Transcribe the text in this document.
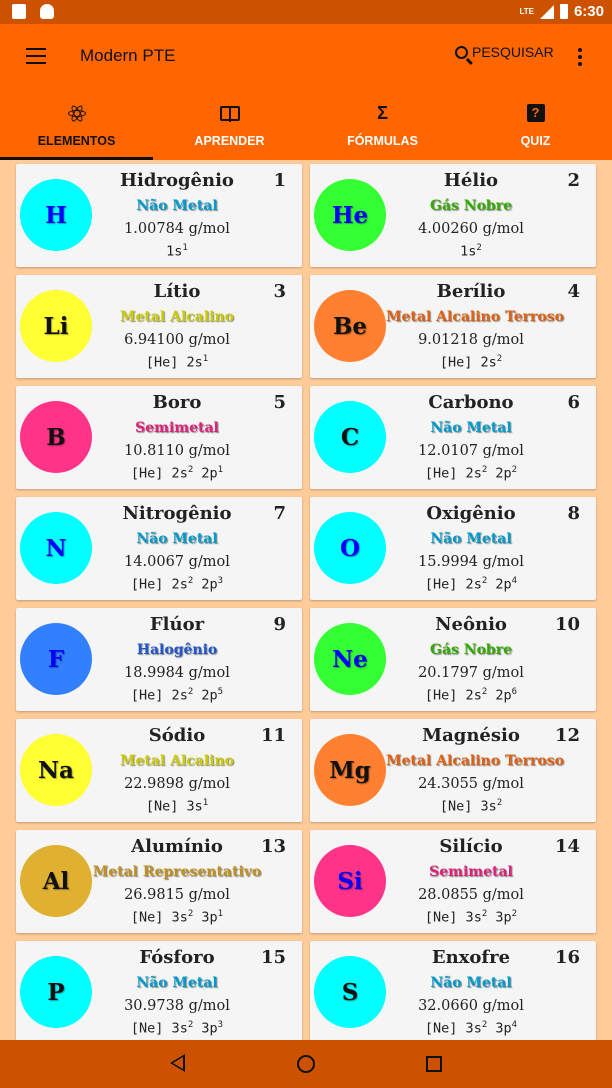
LTE	6:30
Modern PTE	PESQUISAR
ELEMENTOS	APRENDER
Σ
FÓRMULAS
?
QUIZ
H
Hidrogênio	1
Não Metal
1.00784 g/mol
$1s^1$
He
Hélio	2
Gás Nobre
4.00260 g/mol
$1s^2$
Li
Lítio	3
Metal Alcalino
6.94100 g/mol
[He] $2s^1$
Be
Berílio	4
Metal Alcalino Terroso
9.01218 g/mol
[He] $2s^2$
B
Boro	5
Semimetal
10.8110 g/mol
[He] $2s^2$ $2p^1$
C
Carbono	6
Não Metal
12.0107 g/mol
[He] $2s^2$ $2p^2$
N
Nitrogênio	7
Não Metal
14.0067 g/mol
[He] $2s^2$ $2p^3$
O
Oxigênio	8
Não Metal
15.9994 g/mol
[He] $2s^2$ $2p^4$
F
Flúor	9
Halogênio
18.9984 g/mol
[He] $2s^2$ $2p^5$
Ne
Neônio	10
Gás Nobre
20.1797 g/mol
[He] $2s^2$ $2p^6$
Na
Sódio	11
Metal Alcalino
22.9898 g/mol
[Ne] $3s^1$
Mg
Magnésio	12
Metal Alcalino Terroso
24.3055 g/mol
[Ne] $3s^2$
Al
Alumínio	13
Metal Representativo
26.9815 g/mol
[Ne] $3s^2$ $3p^1$
Si
Silício	14
Semimetal
28.0855 g/mol
[Ne] $3s^2$ $3p^2$
P
Fósforo	15
Não Metal
30.9738 g/mol
[Ne] $3s^2$ $3p^3$
S
Enxofre	16
Não Metal
32.0660 g/mol
[Ne] $3s^2$ $3p^4$
